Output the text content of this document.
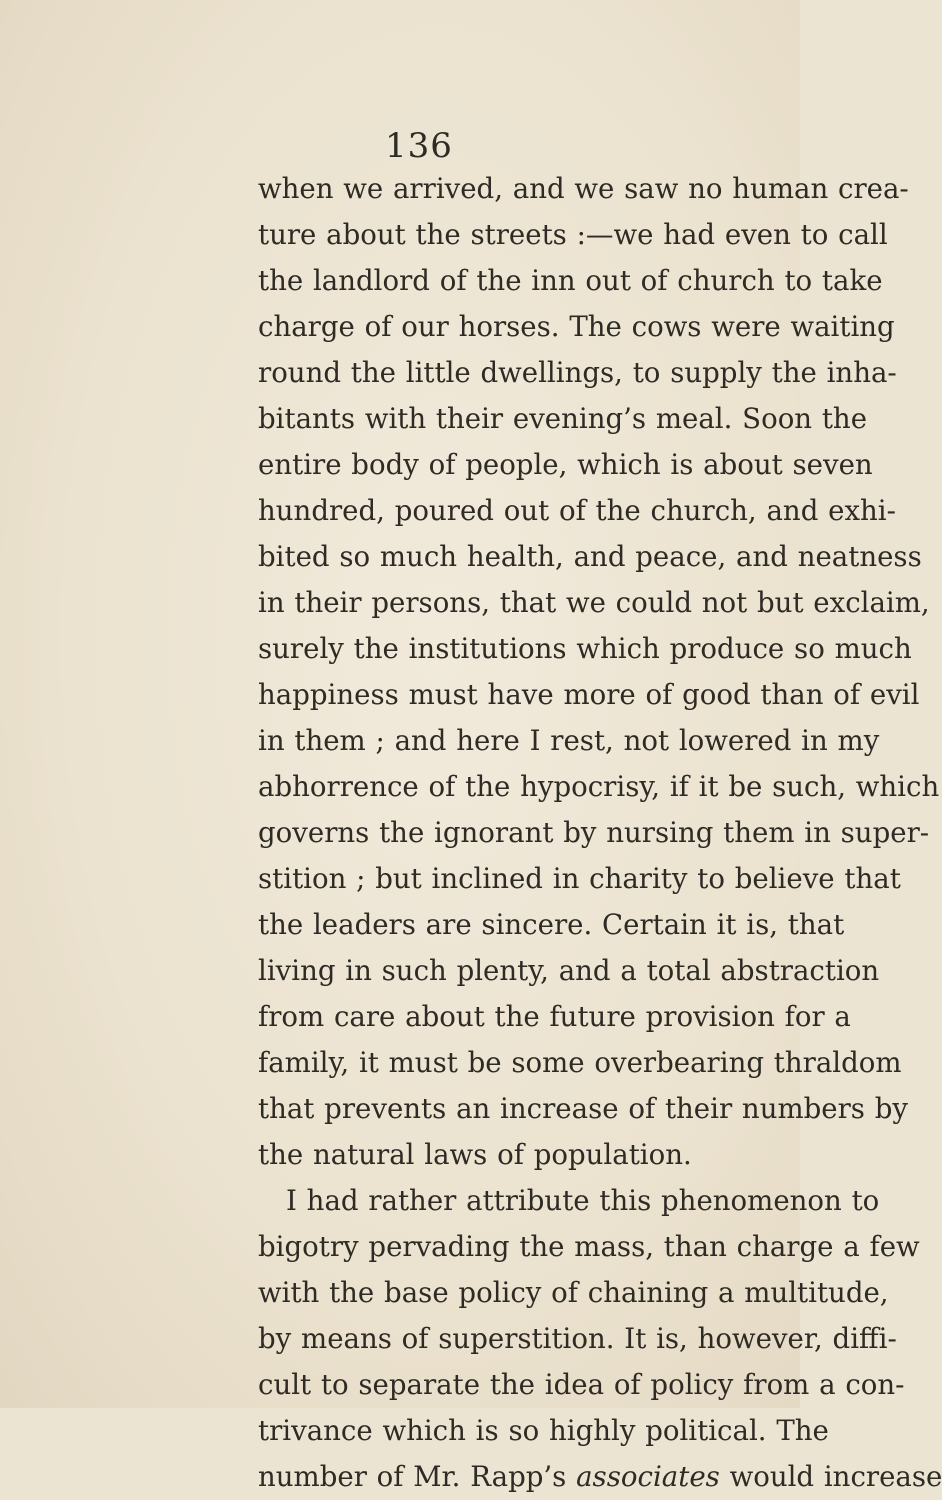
136
when we arrived, and we saw no human crea-
ture about the streets :—we had even to call
the landlord of the inn out of church to take
charge of our horses. The cows were waiting
round the little dwellings, to supply the inha-
bitants with their evening’s meal. Soon the
entire body of people, which is about seven
hundred, poured out of the church, and exhi-
bited so much health, and peace, and neatness
in their persons, that we could not but exclaim,
surely the institutions which produce so much
happiness must have more of good than of evil
in them ; and here I rest, not lowered in my
abhorrence of the hypocrisy, if it be such, which
governs the ignorant by nursing them in super-
stition ; but inclined in charity to believe that
the leaders are sincere. Certain it is, that
living in such plenty, and a total abstraction
from care about the future provision for a
family, it must be some overbearing thraldom
that prevents an increase of their numbers by
the natural laws of population.
I had rather attribute this phenomenon to
bigotry pervading the mass, than charge a few
with the base policy of chaining a multitude,
by means of superstition. It is, however, diffi-
cult to separate the idea of policy from a con-
trivance which is so highly political. The
number of Mr. Rapp’s associates would increase
